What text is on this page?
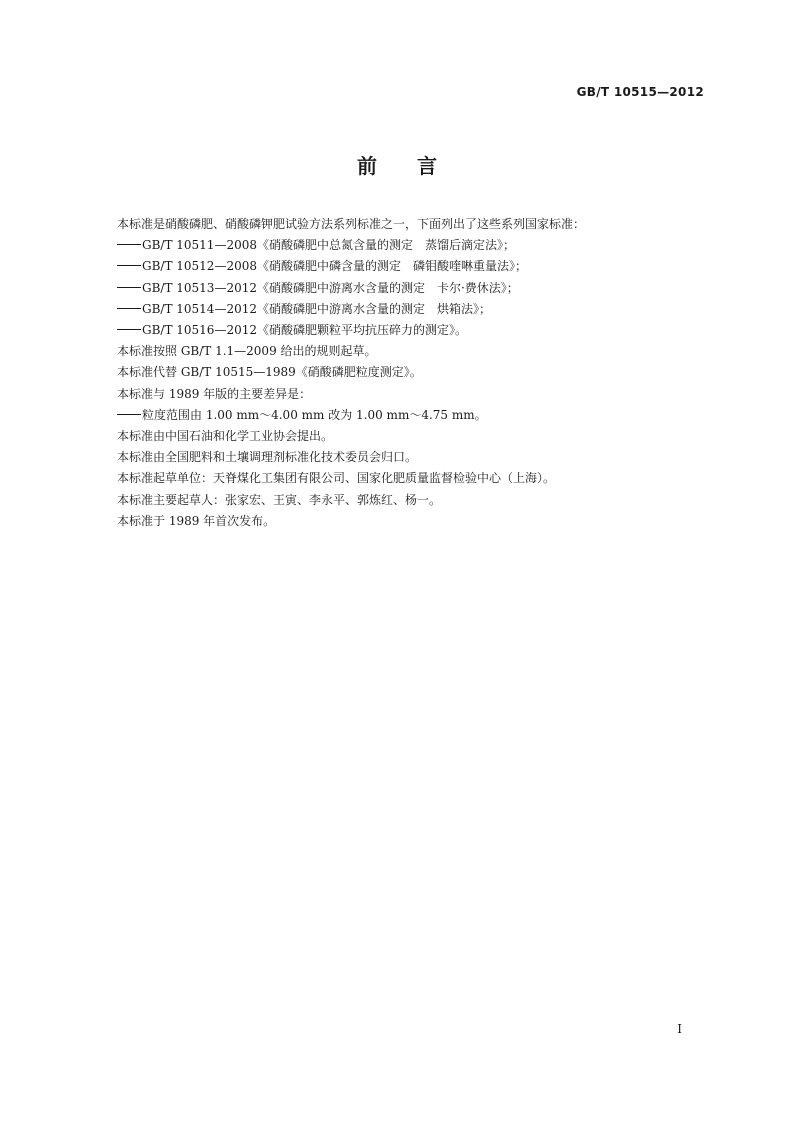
GB/T 10515—2012
前言
本标准是硝酸磷肥、硝酸磷钾肥试验方法系列标准之一，下面列出了这些系列国家标准：
GB/T 10511—2008《硝酸磷肥中总氮含量的测定　蒸馏后滴定法》；
GB/T 10512—2008《硝酸磷肥中磷含量的测定　磷钼酸喹啉重量法》；
GB/T 10513—2012《硝酸磷肥中游离水含量的测定　卡尔·费休法》；
GB/T 10514—2012《硝酸磷肥中游离水含量的测定　烘箱法》；
GB/T 10516—2012《硝酸磷肥颗粒平均抗压碎力的测定》。
本标准按照 GB/T 1.1—2009 给出的规则起草。
本标准代替 GB/T 10515—1989《硝酸磷肥粒度测定》。
本标准与 1989 年版的主要差异是：
粒度范围由 1.00 mm～4.00 mm 改为 1.00 mm～4.75 mm。
本标准由中国石油和化学工业协会提出。
本标准由全国肥料和土壤调理剂标准化技术委员会归口。
本标准起草单位：天脊煤化工集团有限公司、国家化肥质量监督检验中心（上海）。
本标准主要起草人：张家宏、王寅、李永平、郭炼红、杨一。
本标准于 1989 年首次发布。
I
